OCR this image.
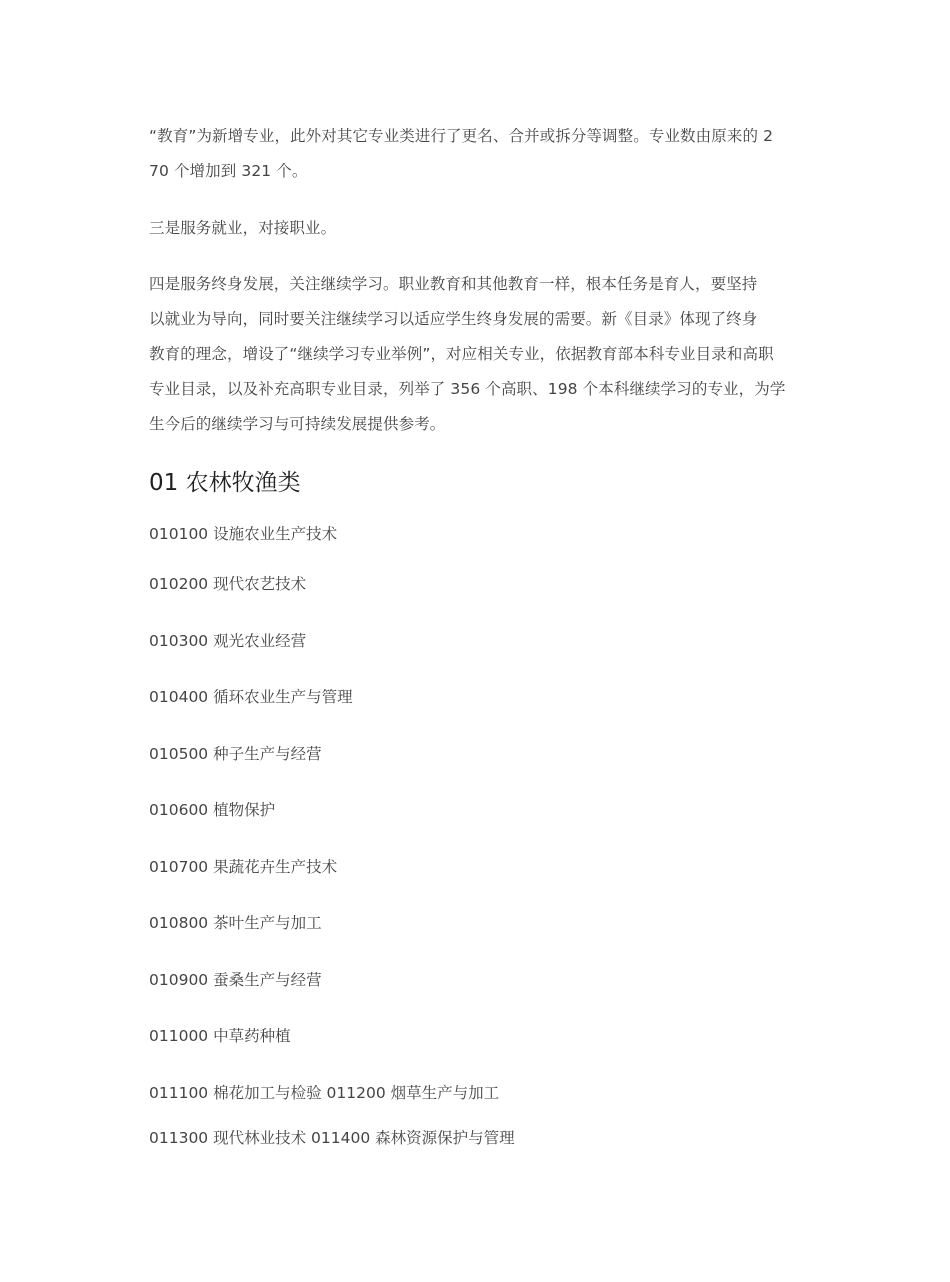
“教育”为新增专业，此外对其它专业类进行了更名、合并或拆分等调整。专业数由原来的 2
70 个增加到 321 个。

三是服务就业，对接职业。

四是服务终身发展，关注继续学习。职业教育和其他教育一样，根本任务是育人，要坚持
以就业为导向，同时要关注继续学习以适应学生终身发展的需要。新《目录》体现了终身
教育的理念，增设了“继续学习专业举例”，对应相关专业，依据教育部本科专业目录和高职
专业目录，以及补充高职专业目录，列举了 356 个高职、198 个本科继续学习的专业，为学
生今后的继续学习与可持续发展提供参考。

01 农林牧渔类
010100 设施农业生产技术
010200 现代农艺技术
010300 观光农业经营
010400 循环农业生产与管理
010500 种子生产与经营
010600 植物保护
010700 果蔬花卉生产技术
010800 茶叶生产与加工
010900 蚕桑生产与经营
011000 中草药种植
011100 棉花加工与检验 011200 烟草生产与加工
011300 现代林业技术 011400 森林资源保护与管理
